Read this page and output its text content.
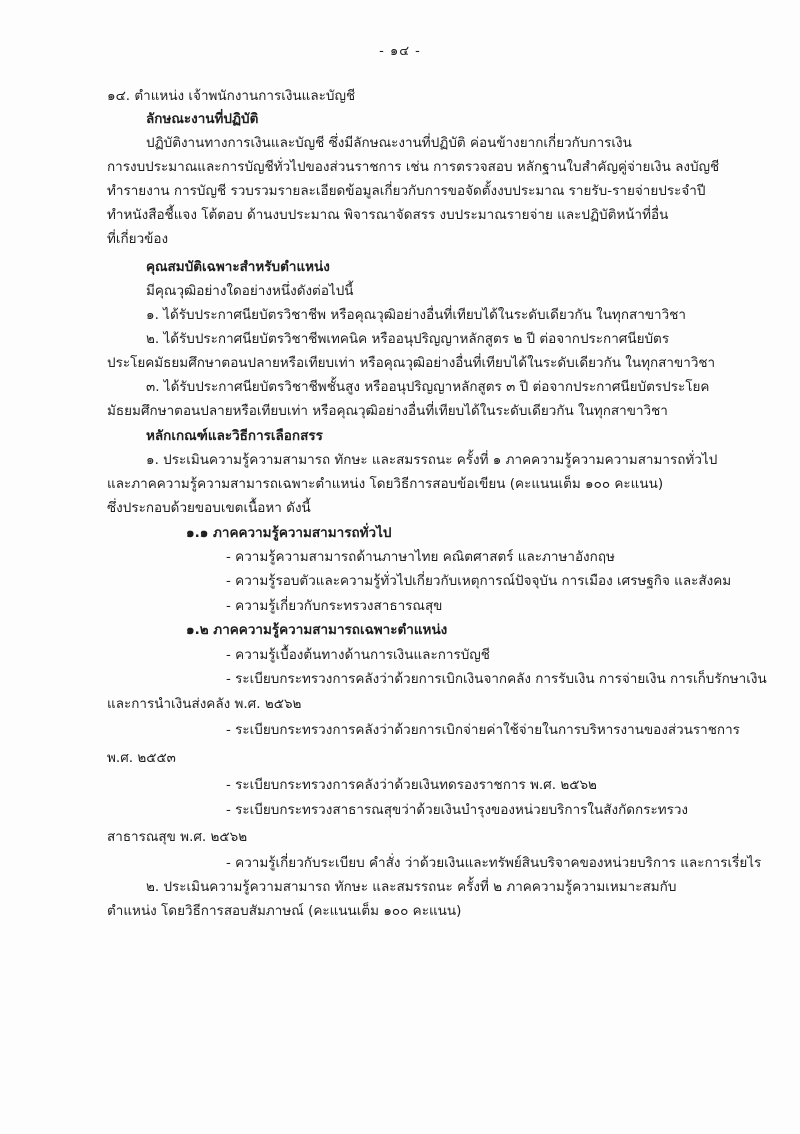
- ๑๔ -
๑๔. ตำแหน่ง เจ้าพนักงานการเงินและบัญชี
ลักษณะงานที่ปฏิบัติ
ปฏิบัติงานทางการเงินและบัญชี ซึ่งมีลักษณะงานที่ปฏิบัติ ค่อนข้างยากเกี่ยวกับการเงิน
การงบประมาณและการบัญชีทั่วไปของส่วนราชการ เช่น การตรวจสอบ หลักฐานใบสำคัญคู่จ่ายเงิน ลงบัญชี
ทำรายงาน การบัญชี รวบรวมรายละเอียดข้อมูลเกี่ยวกับการขอจัดตั้งงบประมาณ รายรับ-รายจ่ายประจำปี
ทำหนังสือชี้แจง โต้ตอบ ด้านงบประมาณ พิจารณาจัดสรร งบประมาณรายจ่าย และปฏิบัติหน้าที่อื่น
ที่เกี่ยวข้อง
คุณสมบัติเฉพาะสำหรับตำแหน่ง
มีคุณวุฒิอย่างใดอย่างหนึ่งดังต่อไปนี้
๑. ได้รับประกาศนียบัตรวิชาชีพ หรือคุณวุฒิอย่างอื่นที่เทียบได้ในระดับเดียวกัน ในทุกสาขาวิชา
๒. ได้รับประกาศนียบัตรวิชาชีพเทคนิค หรืออนุปริญญาหลักสูตร ๒ ปี ต่อจากประกาศนียบัตร
ประโยคมัธยมศึกษาตอนปลายหรือเทียบเท่า หรือคุณวุฒิอย่างอื่นที่เทียบได้ในระดับเดียวกัน ในทุกสาขาวิชา
๓. ได้รับประกาศนียบัตรวิชาชีพชั้นสูง หรืออนุปริญญาหลักสูตร ๓ ปี ต่อจากประกาศนียบัตรประโยค
มัธยมศึกษาตอนปลายหรือเทียบเท่า หรือคุณวุฒิอย่างอื่นที่เทียบได้ในระดับเดียวกัน ในทุกสาขาวิชา
หลักเกณฑ์และวิธีการเลือกสรร
๑. ประเมินความรู้ความสามารถ ทักษะ และสมรรถนะ ครั้งที่ ๑ ภาคความรู้ความความสามารถทั่วไป
และภาคความรู้ความสามารถเฉพาะตำแหน่ง โดยวิธีการสอบข้อเขียน (คะแนนเต็ม ๑๐๐ คะแนน)
ซึ่งประกอบด้วยขอบเขตเนื้อหา ดังนี้
๑.๑ ภาคความรู้ความสามารถทั่วไป
- ความรู้ความสามารถด้านภาษาไทย คณิตศาสตร์ และภาษาอังกฤษ
- ความรู้รอบตัวและความรู้ทั่วไปเกี่ยวกับเหตุการณ์ปัจจุบัน การเมือง เศรษฐกิจ และสังคม
- ความรู้เกี่ยวกับกระทรวงสาธารณสุข
๑.๒ ภาคความรู้ความสามารถเฉพาะตำแหน่ง
- ความรู้เบื้องต้นทางด้านการเงินและการบัญชี
- ระเบียบกระทรวงการคลังว่าด้วยการเบิกเงินจากคลัง การรับเงิน การจ่ายเงิน การเก็บรักษาเงิน
และการนำเงินส่งคลัง พ.ศ. ๒๕๖๒
- ระเบียบกระทรวงการคลังว่าด้วยการเบิกจ่ายค่าใช้จ่ายในการบริหารงานของส่วนราชการ
พ.ศ. ๒๕๕๓
- ระเบียบกระทรวงการคลังว่าด้วยเงินทดรองราชการ พ.ศ. ๒๕๖๒
- ระเบียบกระทรวงสาธารณสุขว่าด้วยเงินบำรุงของหน่วยบริการในสังกัดกระทรวง
สาธารณสุข พ.ศ. ๒๕๖๒
- ความรู้เกี่ยวกับระเบียบ คำสั่ง ว่าด้วยเงินและทรัพย์สินบริจาคของหน่วยบริการ และการเรี่ยไร
๒. ประเมินความรู้ความสามารถ ทักษะ และสมรรถนะ ครั้งที่ ๒ ภาคความรู้ความเหมาะสมกับ
ตำแหน่ง โดยวิธีการสอบสัมภาษณ์ (คะแนนเต็ม ๑๐๐ คะแนน)
